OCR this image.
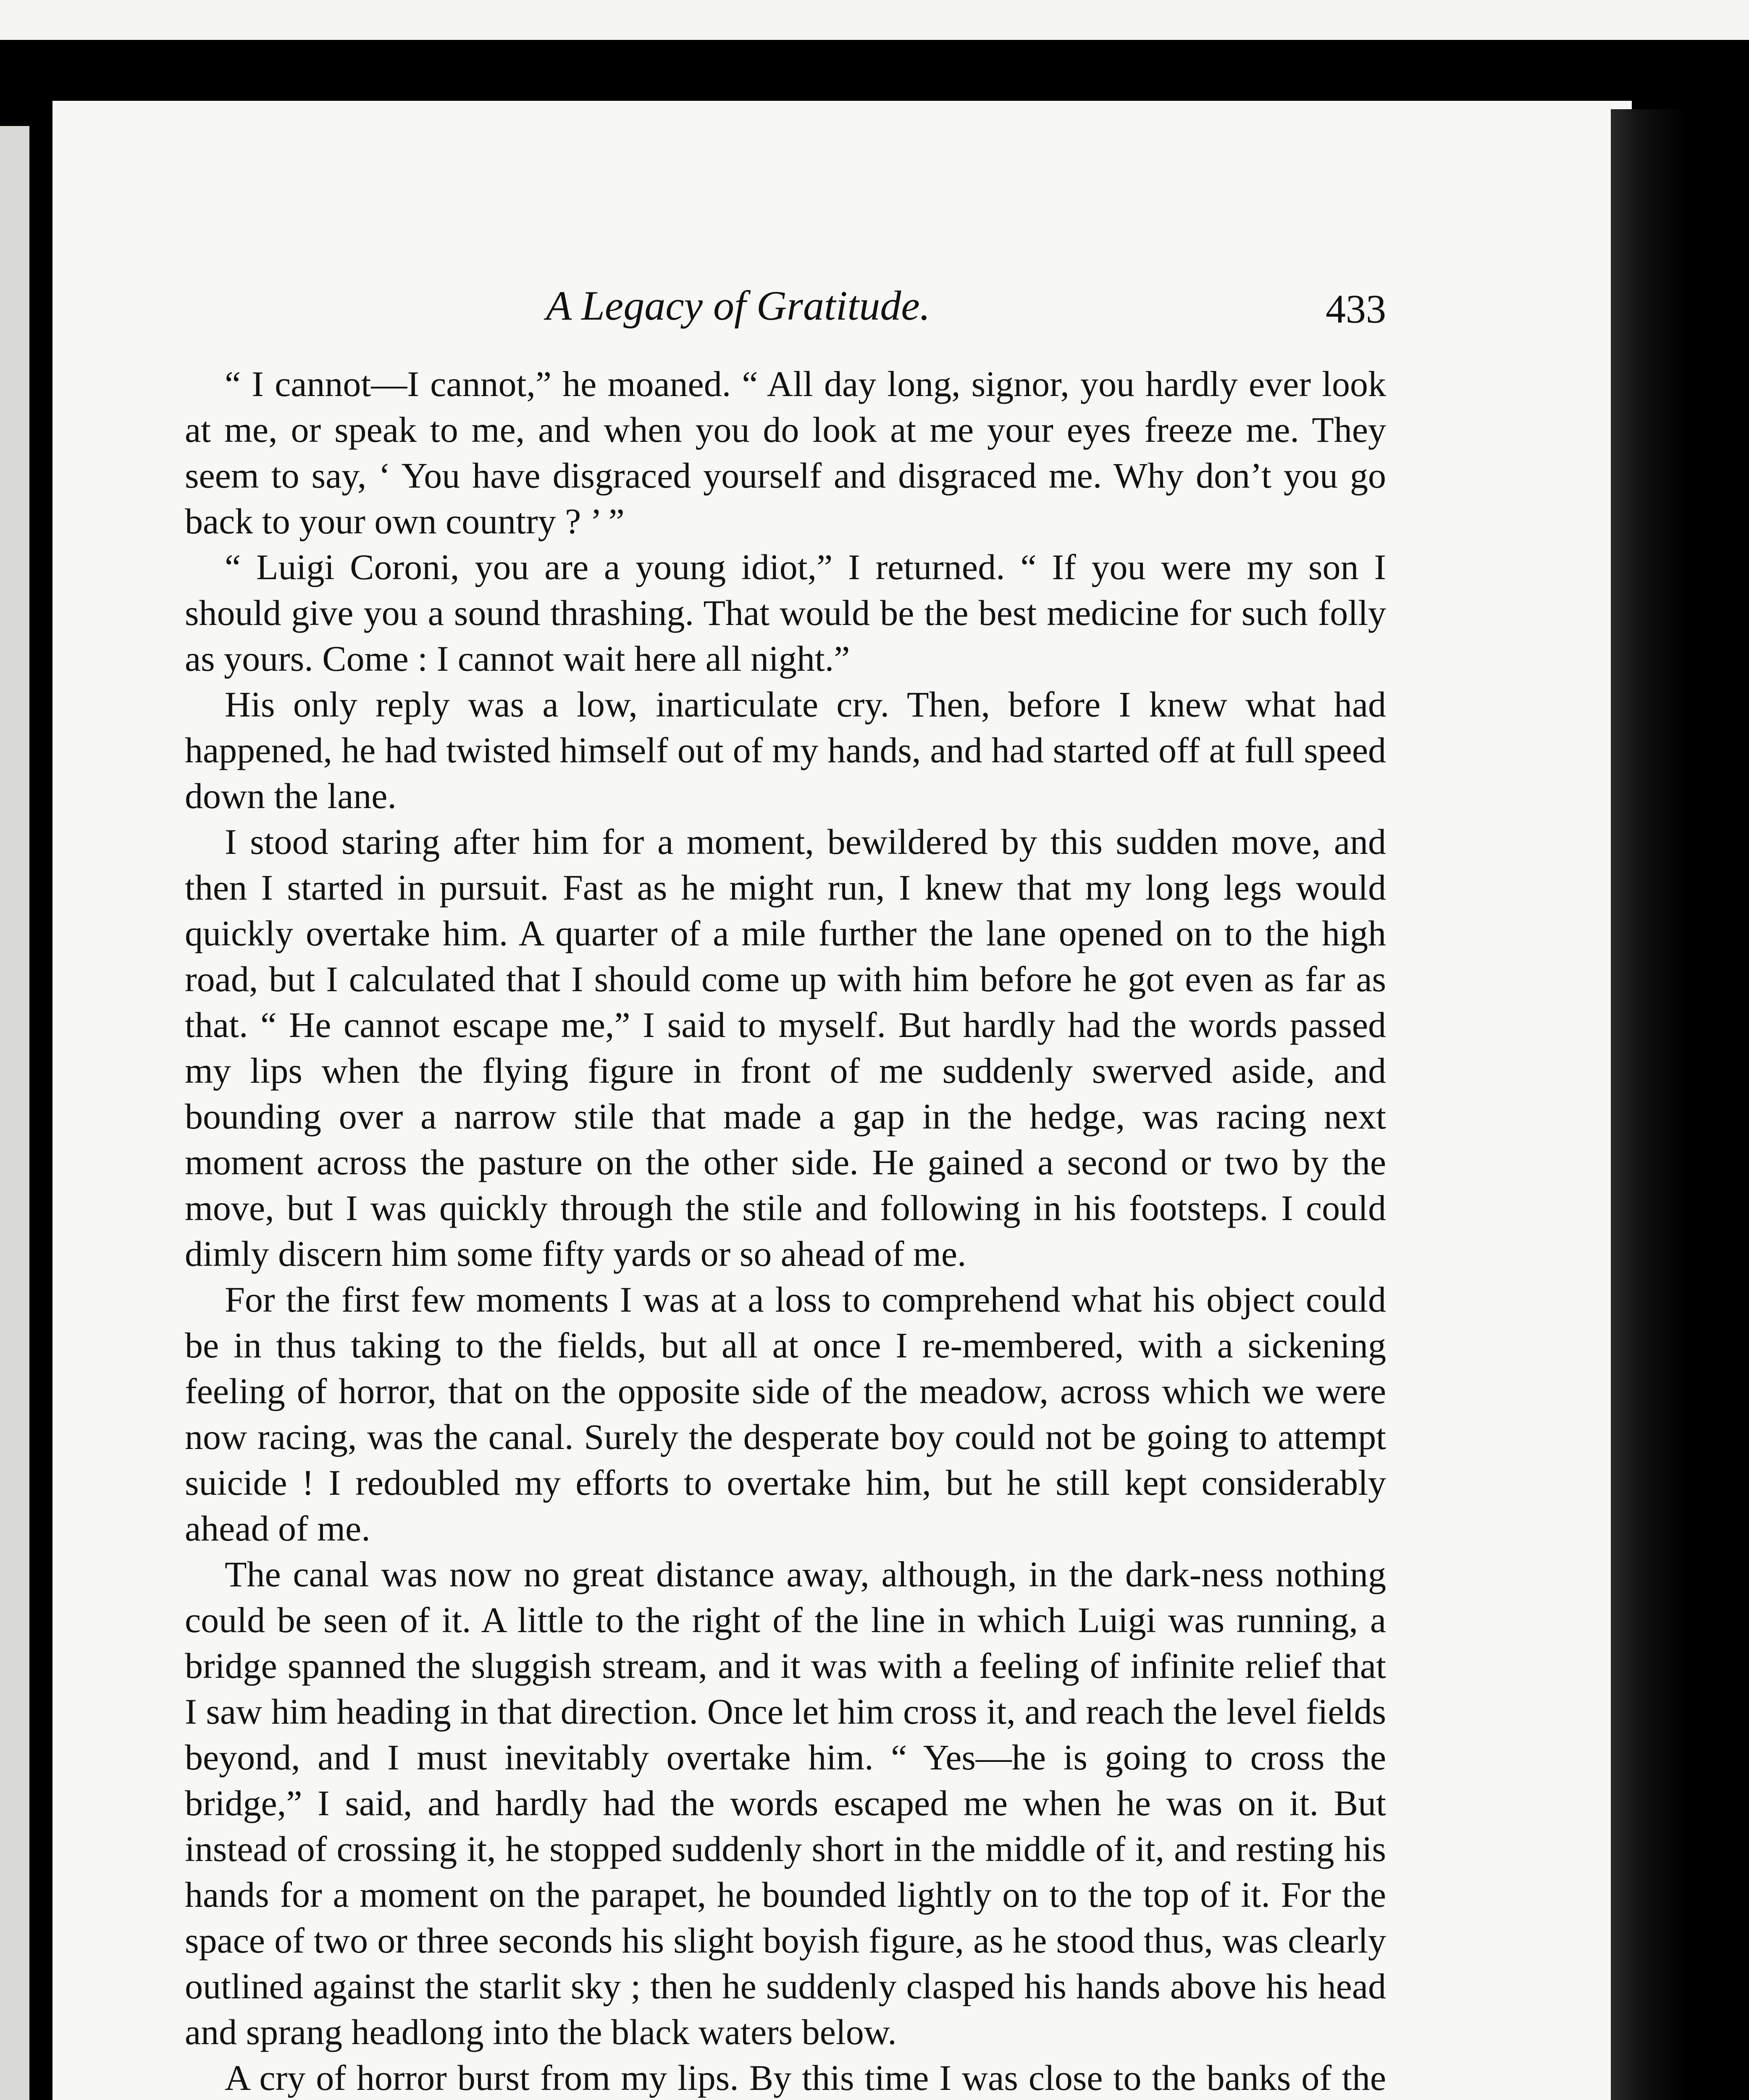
A Legacy of Gratitude.	433

“ I cannot—I cannot,” he moaned. “ All day long, signor, you hardly ever look at me, or speak to me, and when you do look at me your eyes freeze me. They seem to say, ‘ You have disgraced yourself and disgraced me. Why don’t you go back to your own country ? ’ ”

“ Luigi Coroni, you are a young idiot,” I returned. “ If you were my son I should give you a sound thrashing. That would be the best medicine for such folly as yours. Come : I cannot wait here all night.”

His only reply was a low, inarticulate cry. Then, before I knew what had happened, he had twisted himself out of my hands, and had started off at full speed down the lane.

I stood staring after him for a moment, bewildered by this sudden move, and then I started in pursuit. Fast as he might run, I knew that my long legs would quickly overtake him. A quarter of a mile further the lane opened on to the high road, but I calculated that I should come up with him before he got even as far as that. “ He cannot escape me,” I said to myself. But hardly had the words passed my lips when the flying figure in front of me suddenly swerved aside, and bounding over a narrow stile that made a gap in the hedge, was racing next moment across the pasture on the other side. He gained a second or two by the move, but I was quickly through the stile and following in his footsteps. I could dimly discern him some fifty yards or so ahead of me.

For the first few moments I was at a loss to comprehend what his object could be in thus taking to the fields, but all at once I re-membered, with a sickening feeling of horror, that on the opposite side of the meadow, across which we were now racing, was the canal. Surely the desperate boy could not be going to attempt suicide ! I redoubled my efforts to overtake him, but he still kept considerably ahead of me.

The canal was now no great distance away, although, in the dark-ness nothing could be seen of it. A little to the right of the line in which Luigi was running, a bridge spanned the sluggish stream, and it was with a feeling of infinite relief that I saw him heading in that direction. Once let him cross it, and reach the level fields beyond, and I must inevitably overtake him. “ Yes—he is going to cross the bridge,” I said, and hardly had the words escaped me when he was on it. But instead of crossing it, he stopped suddenly short in the middle of it, and resting his hands for a moment on the parapet, he bounded lightly on to the top of it. For the space of two or three seconds his slight boyish figure, as he stood thus, was clearly outlined against the starlit sky ; then he suddenly clasped his hands above his head and sprang headlong into the black waters below.

A cry of horror burst from my lips. By this time I was close to the banks of the
